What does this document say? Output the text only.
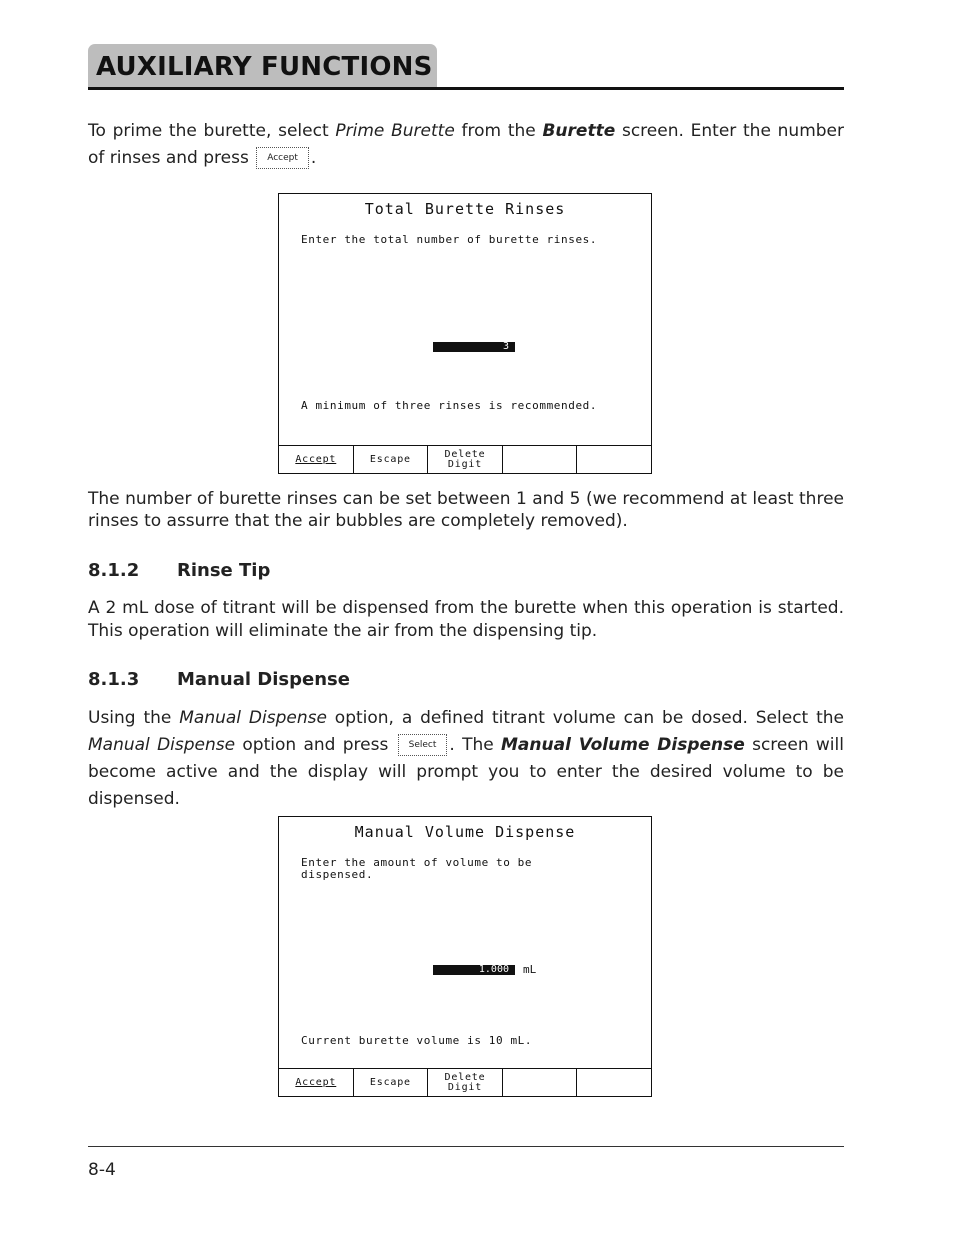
AUXILIARY FUNCTIONS
To prime the burette, select Prime Burette from the Burette screen. Enter the number of rinses and press Accept .
Total Burette Rinses
Enter the total number of burette rinses.
3
A minimum of three rinses is recommended.
Accept	Escape	Delete
Digit
The number of burette rinses can be set between 1 and 5 (we recommend at least three rinses to assurre that the air bubbles are completely removed).
8.1.2 Rinse Tip
A 2 mL dose of titrant will be dispensed from the burette when this operation is started. This operation will eliminate the air from the dispensing tip.
8.1.3 Manual Dispense
Using the Manual Dispense option, a defined titrant volume can be dosed. Select the Manual Dispense option and press Select . The Manual Volume Dispense screen will become active and the display will prompt you to enter the desired volume to be dispensed.
Manual Volume Dispense
Enter the amount of volume to be
dispensed.
1.000	mL
Current burette volume is 10 mL.
Accept	Escape	Delete
Digit
8-4
